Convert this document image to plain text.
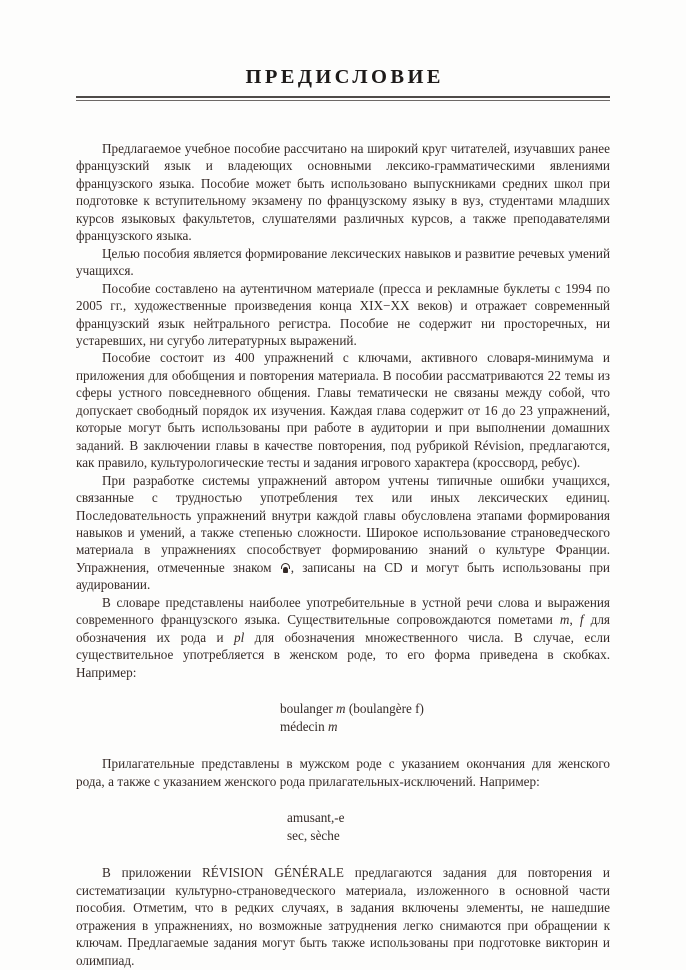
ПРЕДИСЛОВИЕ

Предлагаемое учебное пособие рассчитано на широкий круг читателей, изучавших ранее французский язык и владеющих основными лексико-грамматическими явлениями французского языка. Пособие может быть использовано выпускниками средних школ при подготовке к вступительному экзамену по французскому языку в вуз, студентами младших курсов языковых факультетов, слушателями различных курсов, а также преподавателями французского языка.

Целью пособия является формирование лексических навыков и развитие речевых умений учащихся.

Пособие составлено на аутентичном материале (пресса и рекламные буклеты с 1994 по 2005 гг., художественные произведения конца XIX−XX веков) и отражает современный французский язык нейтрального регистра. Пособие не содержит ни просторечных, ни устаревших, ни сугубо литературных выражений.

Пособие состоит из 400 упражнений с ключами, активного словаря-минимума и приложения для обобщения и повторения материала. В пособии рассматриваются 22 темы из сферы устного повседневного общения. Главы тематически не связаны между собой, что допускает свободный порядок их изучения. Каждая глава содержит от 16 до 23 упражнений, которые могут быть использованы при работе в аудитории и при выполнении домашних заданий. В заключении главы в качестве повторения, под рубрикой Révision, предлагаются, как правило, культурологические тесты и задания игрового характера (кроссворд, ребус).

При разработке системы упражнений автором учтены типичные ошибки учащихся, связанные с трудностью употребления тех или иных лексических единиц. Последовательность упражнений внутри каждой главы обусловлена этапами формирования навыков и умений, а также степенью сложности. Широкое использование страноведческого материала в упражнениях способствует формированию знаний о культуре Франции. Упражнения, отмеченные знаком
, записаны на CD и могут быть использованы при аудировании.

В словаре представлены наиболее употребительные в устной речи слова и выражения современного французского языка. Существительные сопровождаются пометами m, f для обозначения их рода и pl для обозначения множественного числа. В случае, если существительное употребляется в женском роде, то его форма приведена в скобках. Например:

boulanger m (boulangère f)
médecin m

Прилагательные представлены в мужском роде с указанием окончания для женского рода, а также с указанием женского рода прилагательных-исключений. Например:

amusant,-e
sec, sèche

В приложении RÉVISION GÉNÉRALE предлагаются задания для повторения и систематизации культурно-страноведческого материала, изложенного в основной части пособия. Отметим, что в редких случаях, в задания включены элементы, не нашедшие отражения в упражнениях, но возможные затруднения легко снимаются при обращении к ключам. Предлагаемые задания могут быть также использованы при подготовке викторин и олимпиад.
